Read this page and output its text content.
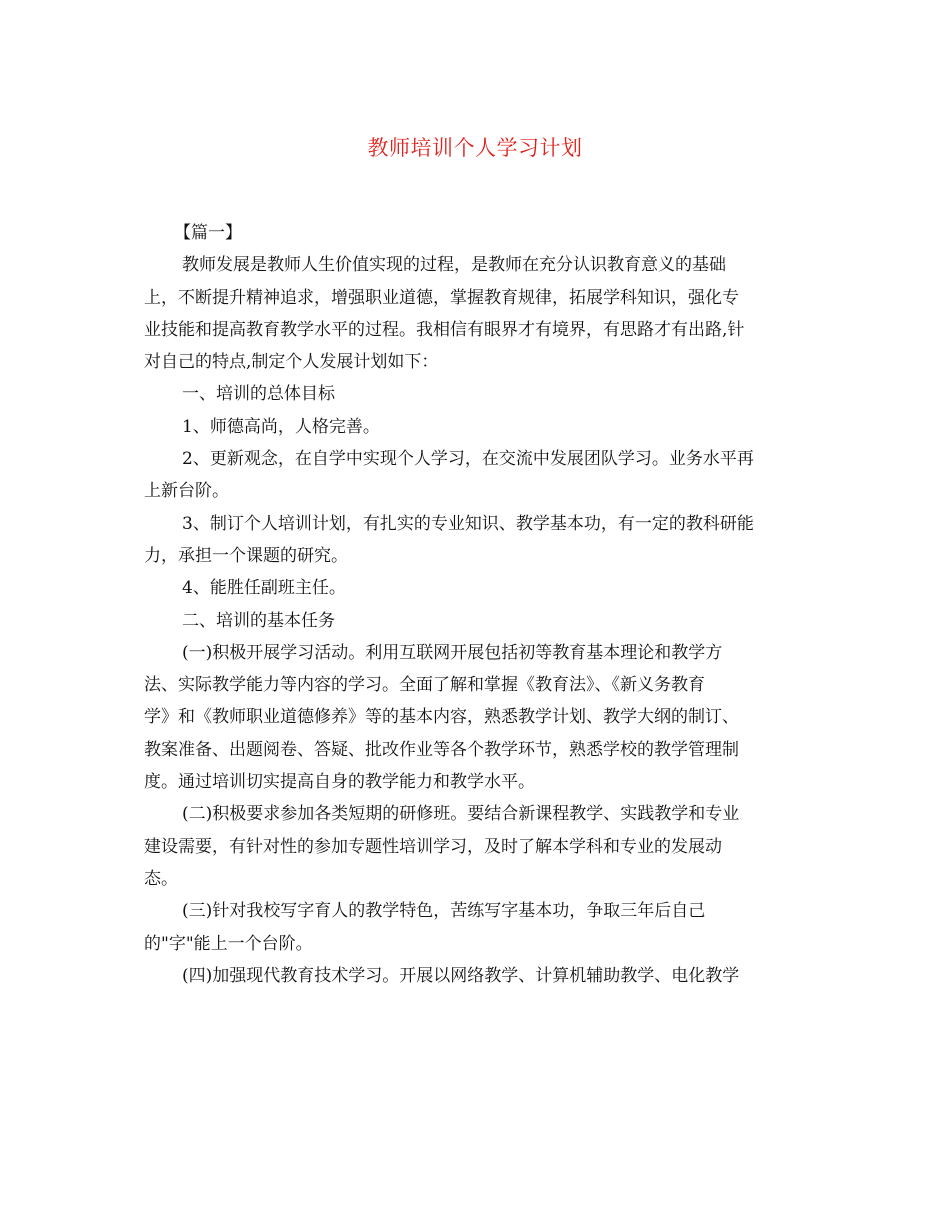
教师培训个人学习计划

【篇一】

教师发展是教师人生价值实现的过程，是教师在充分认识教育意义的基础
上，不断提升精神追求，增强职业道德，掌握教育规律，拓展学科知识，强化专
业技能和提高教育教学水平的过程。我相信有眼界才有境界，有思路才有出路,针
对自己的特点,制定个人发展计划如下：

一、培训的总体目标

1、师德高尚，人格完善。

2、更新观念，在自学中实现个人学习，在交流中发展团队学习。业务水平再
上新台阶。

3、制订个人培训计划，有扎实的专业知识、教学基本功，有一定的教科研能
力，承担一个课题的研究。

4、能胜任副班主任。

二、培训的基本任务

(一)积极开展学习活动。利用互联网开展包括初等教育基本理论和教学方
法、实际教学能力等内容的学习。全面了解和掌握《教育法》、《新义务教育
学》和《教师职业道德修养》等的基本内容，熟悉教学计划、教学大纲的制订、
教案准备、出题阅卷、答疑、批改作业等各个教学环节，熟悉学校的教学管理制
度。通过培训切实提高自身的教学能力和教学水平。

(二)积极要求参加各类短期的研修班。要结合新课程教学、实践教学和专业
建设需要，有针对性的参加专题性培训学习，及时了解本学科和专业的发展动
态。

(三)针对我校写字育人的教学特色，苦练写字基本功，争取三年后自己
的"字"能上一个台阶。

(四)加强现代教育技术学习。开展以网络教学、计算机辅助教学、电化教学
